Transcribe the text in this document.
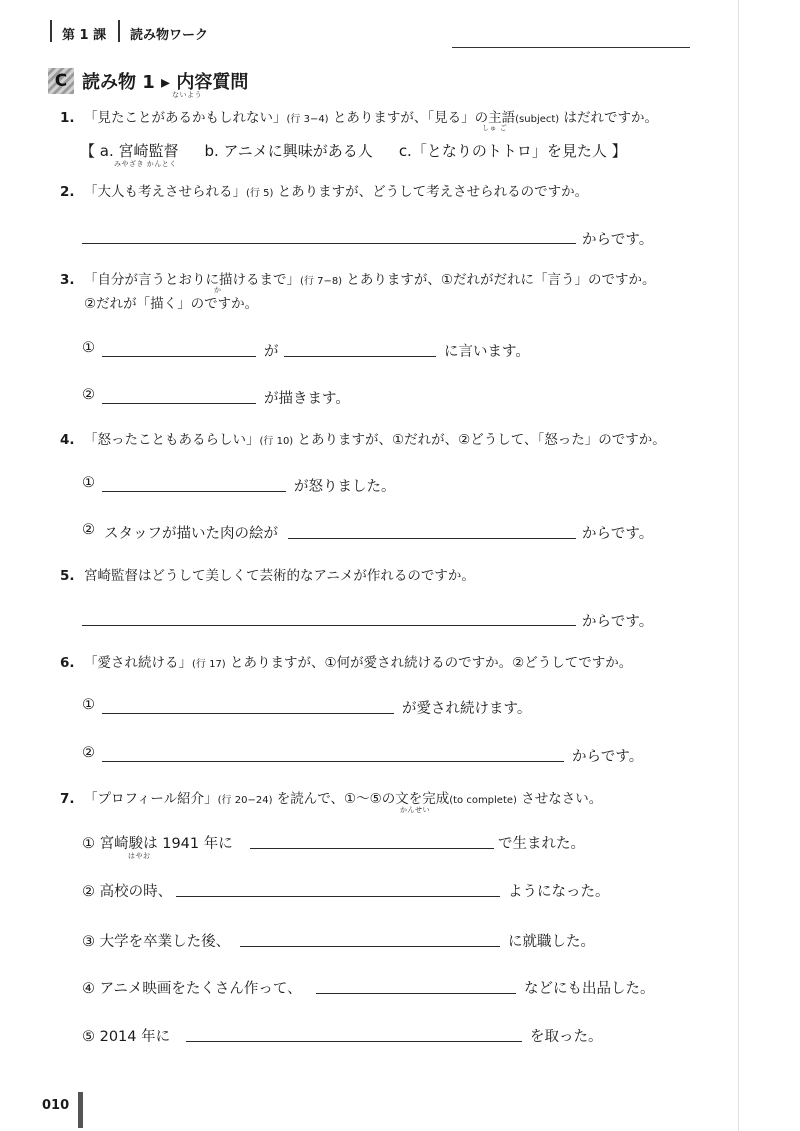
第 1 課 読み物ワーク
C 読み物 1 ▸ 内容質問
ないよう
1. 「見たことがあるかもしれない」(行 3−4) とありますが、「見る」の主語(subject) はだれですか。
しゅ ご
【 a. 宮崎監督 b. アニメに興味がある人 c.「となりのトトロ」を見た人 】
みやざき かんとく
2. 「大人も考えさせられる」(行 5) とありますが、どうして考えさせられるのですか。
からです。
3. 「自分が言うとおりに描けるまで」(行 7−8) とありますが、①だれがだれに「言う」のですか。
か
②だれが「描く」のですか。
①	が	に言います。
②	が描きます。
4. 「怒ったこともあるらしい」(行 10) とありますが、①だれが、②どうして、「怒った」のですか。
①	が怒りました。
② スタッフが描いた肉の絵が	からです。
5. 宮崎監督はどうして美しくて芸術的なアニメが作れるのですか。
からです。
6. 「愛され続ける」(行 17) とありますが、①何が愛され続けるのですか。②どうしてですか。
①	が愛され続けます。
②	からです。
7. 「プロフィール紹介」(行 20−24) を読んで、①〜⑤の文を完成(to complete) させなさい。
かんせい
① 宮崎駿は 1941 年に
はやお
で生まれた。
② 高校の時、	ようになった。
③ 大学を卒業した後、	に就職した。
④ アニメ映画をたくさん作って、	などにも出品した。
⑤ 2014 年に	を取った。
010
